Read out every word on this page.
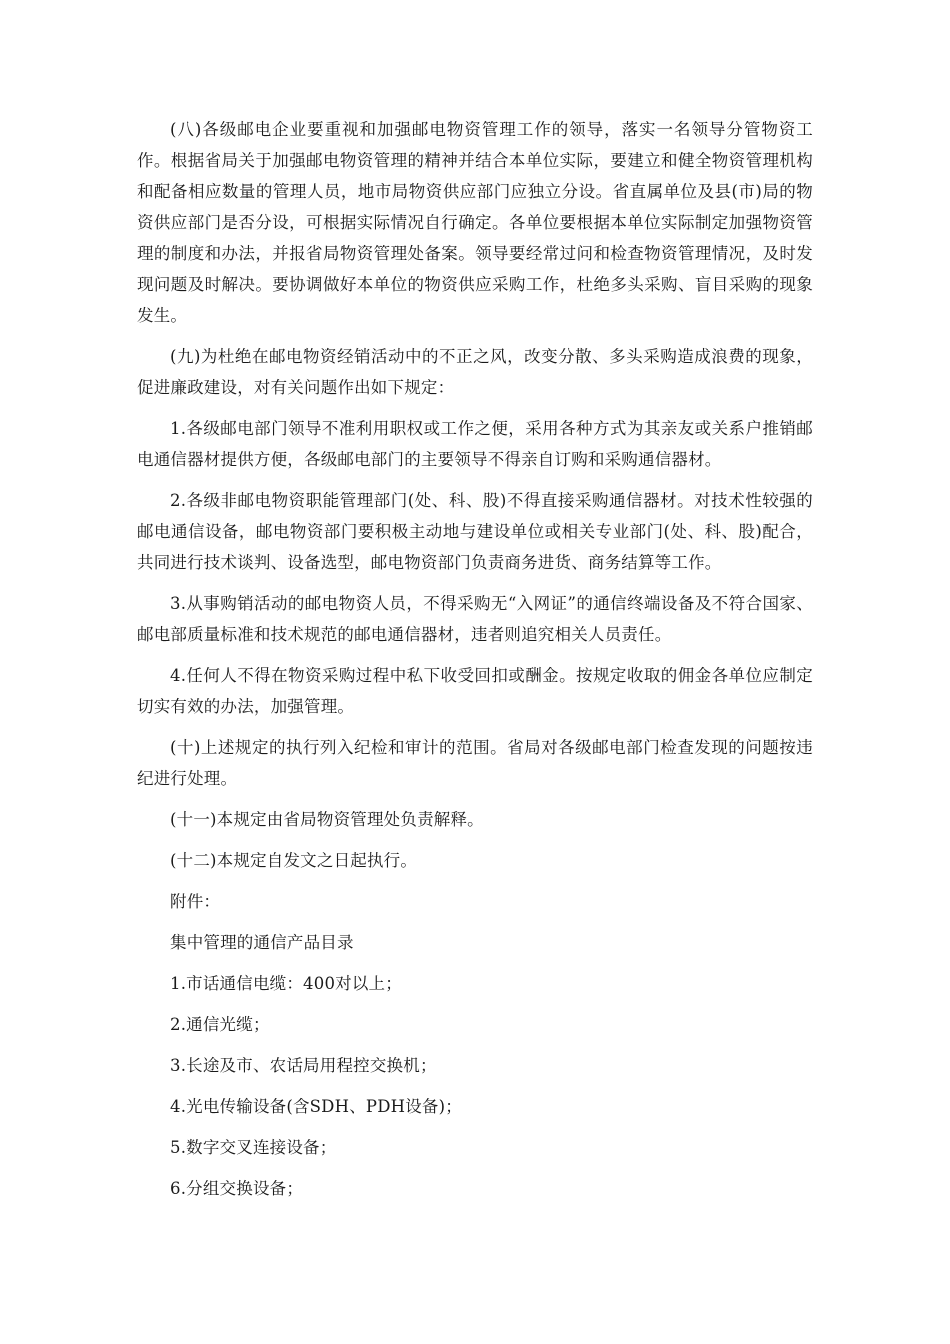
(八)各级邮电企业要重视和加强邮电物资管理工作的领导，落实一名领导分管物资工作。根据省局关于加强邮电物资管理的精神并结合本单位实际，要建立和健全物资管理机构和配备相应数量的管理人员，地市局物资供应部门应独立分设。省直属单位及县(市)局的物资供应部门是否分设，可根据实际情况自行确定。各单位要根据本单位实际制定加强物资管理的制度和办法，并报省局物资管理处备案。领导要经常过问和检查物资管理情况，及时发现问题及时解决。要协调做好本单位的物资供应采购工作，杜绝多头采购、盲目采购的现象发生。

(九)为杜绝在邮电物资经销活动中的不正之风，改变分散、多头采购造成浪费的现象，促进廉政建设，对有关问题作出如下规定：

1.各级邮电部门领导不准利用职权或工作之便，采用各种方式为其亲友或关系户推销邮电通信器材提供方便，各级邮电部门的主要领导不得亲自订购和采购通信器材。

2.各级非邮电物资职能管理部门(处、科、股)不得直接采购通信器材。对技术性较强的邮电通信设备，邮电物资部门要积极主动地与建设单位或相关专业部门(处、科、股)配合，共同进行技术谈判、设备选型，邮电物资部门负责商务进货、商务结算等工作。

3.从事购销活动的邮电物资人员，不得采购无“入网证”的通信终端设备及不符合国家、邮电部质量标准和技术规范的邮电通信器材，违者则追究相关人员责任。

4.任何人不得在物资采购过程中私下收受回扣或酬金。按规定收取的佣金各单位应制定切实有效的办法，加强管理。

(十)上述规定的执行列入纪检和审计的范围。省局对各级邮电部门检查发现的问题按违纪进行处理。

(十一)本规定由省局物资管理处负责解释。

(十二)本规定自发文之日起执行。

附件：

集中管理的通信产品目录

1.市话通信电缆：400对以上；

2.通信光缆；

3.长途及市、农话局用程控交换机；

4.光电传输设备(含SDH、PDH设备)；

5.数字交叉连接设备；

6.分组交换设备；
